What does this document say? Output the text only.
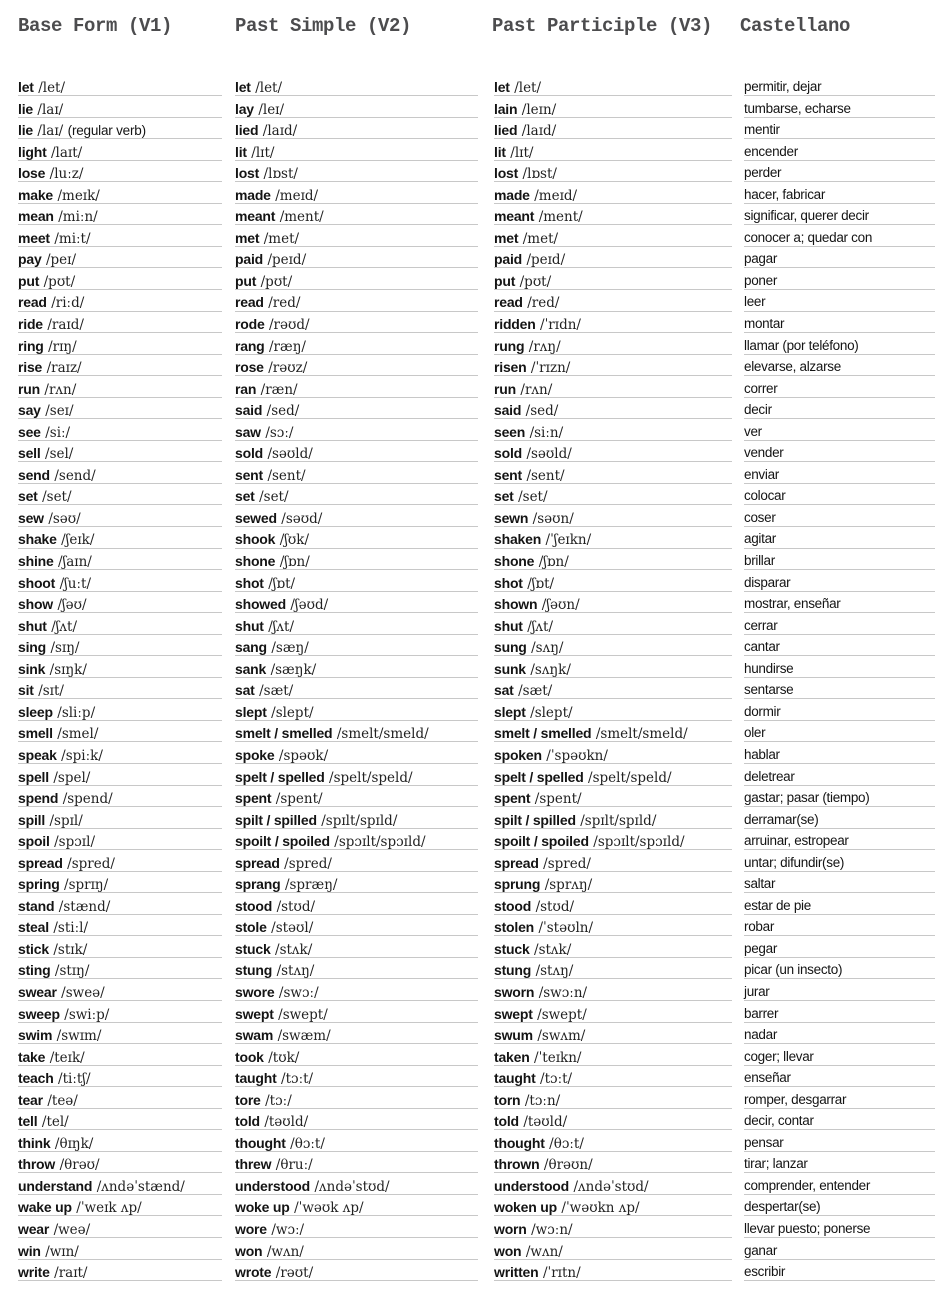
Base Form (V1)	Past Simple (V2)	Past Participle (V3) Castellano
let /let/
lie /laɪ/
lie /laɪ/ (regular verb)
light /laɪt/
lose /luːz/
make /meɪk/
mean /miːn/
meet /miːt/
pay /peɪ/
put /pʊt/
read /riːd/
ride /raɪd/
ring /rɪŋ/
rise /raɪz/
run /rʌn/
say /seɪ/
see /siː/
sell /sel/
send /send/
set /set/
sew /səʊ/
shake /ʃeɪk/
shine /ʃaɪn/
shoot /ʃuːt/
show /ʃəʊ/
shut /ʃʌt/
sing /sɪŋ/
sink /sɪŋk/
sit /sɪt/
sleep /sliːp/
smell /smel/
speak /spiːk/
spell /spel/
spend /spend/
spill /spɪl/
spoil /spɔɪl/
spread /spred/
spring /sprɪŋ/
stand /stænd/
steal /stiːl/
stick /stɪk/
sting /stɪŋ/
swear /sweə/
sweep /swiːp/
swim /swɪm/
take /teɪk/
teach /tiːtʃ/
tear /teə/
tell /tel/
think /θɪŋk/
throw /θrəʊ/
understand /ʌndəˈstænd/
wake up /ˈweɪk ʌp/
wear /weə/
win /wɪn/
write /raɪt/
let /let/
lay /leɪ/
lied /laɪd/
lit /lɪt/
lost /lɒst/
made /meɪd/
meant /ment/
met /met/
paid /peɪd/
put /pʊt/
read /red/
rode /rəʊd/
rang /ræŋ/
rose /rəʊz/
ran /ræn/
said /sed/
saw /sɔː/
sold /səʊld/
sent /sent/
set /set/
sewed /səʊd/
shook /ʃʊk/
shone /ʃɒn/
shot /ʃɒt/
showed /ʃəʊd/
shut /ʃʌt/
sang /sæŋ/
sank /sæŋk/
sat /sæt/
slept /slept/
smelt / smelled /smelt/smeld/
spoke /spəʊk/
spelt / spelled /spelt/speld/
spent /spent/
spilt / spilled /spɪlt/spɪld/
spoilt / spoiled /spɔɪlt/spɔɪld/
spread /spred/
sprang /spræŋ/
stood /stʊd/
stole /stəʊl/
stuck /stʌk/
stung /stʌŋ/
swore /swɔː/
swept /swept/
swam /swæm/
took /tʊk/
taught /tɔːt/
tore /tɔː/
told /təʊld/
thought /θɔːt/
threw /θruː/
understood /ʌndəˈstʊd/
woke up /ˈwəʊk ʌp/
wore /wɔː/
won /wʌn/
wrote /rəʊt/
let /let/
lain /leɪn/
lied /laɪd/
lit /lɪt/
lost /lɒst/
made /meɪd/
meant /ment/
met /met/
paid /peɪd/
put /pʊt/
read /red/
ridden /ˈrɪdn/
rung /rʌŋ/
risen /ˈrɪzn/
run /rʌn/
said /sed/
seen /siːn/
sold /səʊld/
sent /sent/
set /set/
sewn /səʊn/
shaken /ˈʃeɪkn/
shone /ʃɒn/
shot /ʃɒt/
shown /ʃəʊn/
shut /ʃʌt/
sung /sʌŋ/
sunk /sʌŋk/
sat /sæt/
slept /slept/
smelt / smelled /smelt/smeld/
spoken /ˈspəʊkn/
spelt / spelled /spelt/speld/
spent /spent/
spilt / spilled /spɪlt/spɪld/
spoilt / spoiled /spɔɪlt/spɔɪld/
spread /spred/
sprung /sprʌŋ/
stood /stʊd/
stolen /ˈstəʊln/
stuck /stʌk/
stung /stʌŋ/
sworn /swɔːn/
swept /swept/
swum /swʌm/
taken /ˈteɪkn/
taught /tɔːt/
torn /tɔːn/
told /təʊld/
thought /θɔːt/
thrown /θrəʊn/
understood /ʌndəˈstʊd/
woken up /ˈwəʊkn ʌp/
worn /wɔːn/
won /wʌn/
written /ˈrɪtn/
permitir, dejar
tumbarse, echarse
mentir
encender
perder
hacer, fabricar
significar, querer decir
conocer a; quedar con
pagar
poner
leer
montar
llamar (por teléfono)
elevarse, alzarse
correr
decir
ver
vender
enviar
colocar
coser
agitar
brillar
disparar
mostrar, enseñar
cerrar
cantar
hundirse
sentarse
dormir
oler
hablar
deletrear
gastar; pasar (tiempo)
derramar(se)
arruinar, estropear
untar; difundir(se)
saltar
estar de pie
robar
pegar
picar (un insecto)
jurar
barrer
nadar
coger; llevar
enseñar
romper, desgarrar
decir, contar
pensar
tirar; lanzar
comprender, entender
despertar(se)
llevar puesto; ponerse
ganar
escribir
